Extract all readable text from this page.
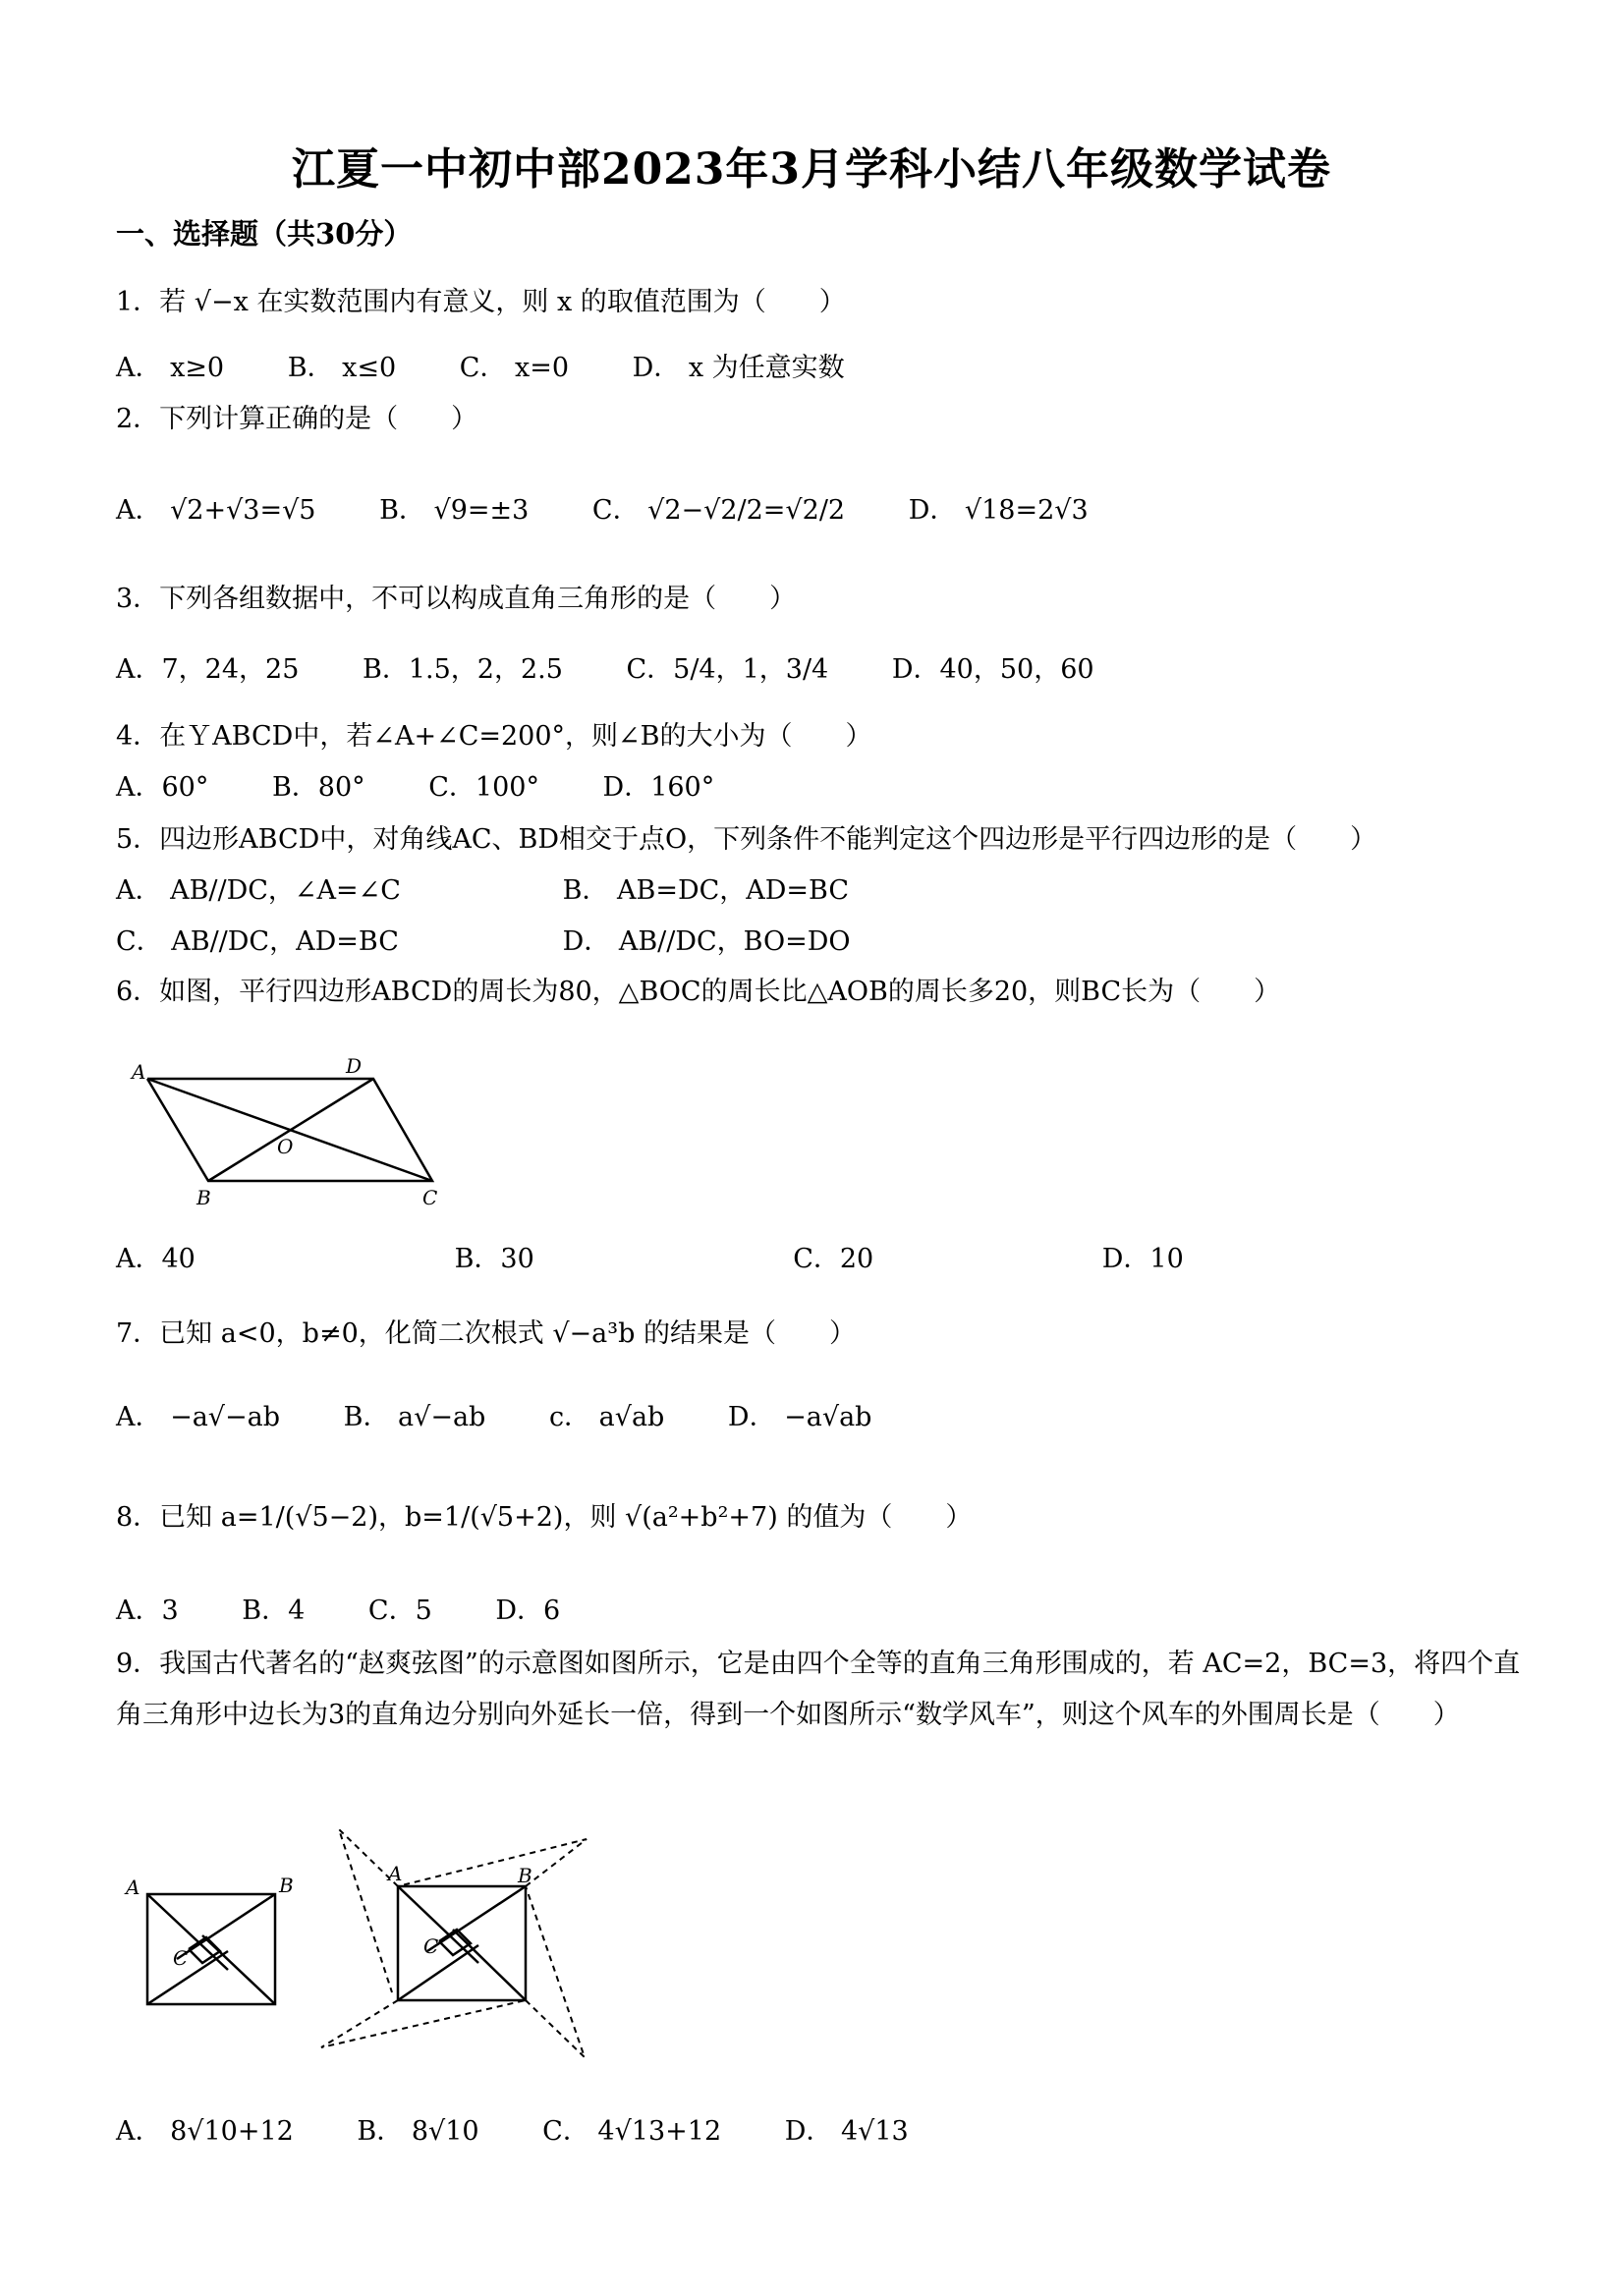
江夏一中初中部2023年3月学科小结八年级数学试卷
一、选择题（共30分）
1．若 √−x 在实数范围内有意义，则 x 的取值范围为（　　）
A． x≥0 B． x≤0 C． x=0 D． x 为任意实数
2．下列计算正确的是（　　）
A． √2+√3=√5 B． √9=±3 C． √2−√2/2=√2/2 D． √18=2√3
3．下列各组数据中，不可以构成直角三角形的是（　　）
A．7，24，25 B．1.5，2，2.5 C．5/4，1，3/4 D．40，50，60
4．在ＹABCD中，若∠A+∠C=200°，则∠B的大小为（　　）
A．60° B．80° C．100° D．160°
5．四边形ABCD中，对角线AC、BD相交于点O，下列条件不能判定这个四边形是平行四边形的是（　　）
A． AB//DC，∠A=∠C	B． AB=DC，AD=BC
C． AB//DC，AD=BC	D． AB//DC，BO=DO
6．如图，平行四边形ABCD的周长为80，△BOC的周长比△AOB的周长多20，则BC长为（　　）
A	D
O
B	C
A．40	B．30	C．20	D．10
7．已知 a<0，b≠0，化简二次根式 √−a³b 的结果是（　　）
A． −a√−ab B． a√−ab c． a√ab D． −a√ab
8．已知 a=1/(√5−2)，b=1/(√5+2)，则 √(a²+b²+7) 的值为（　　）
A．3 B．4 C．5 D．6
9．我国古代著名的“赵爽弦图”的示意图如图所示，它是由四个全等的直角三角形围成的，若 AC=2，BC=3，将四个直角三角形中边长为3的直角边分别向外延长一倍，得到一个如图所示“数学风车”，则这个风车的外围周长是（　　）
A	B
C
A	B
C
A． 8√10+12 B． 8√10 C． 4√13+12 D． 4√13
